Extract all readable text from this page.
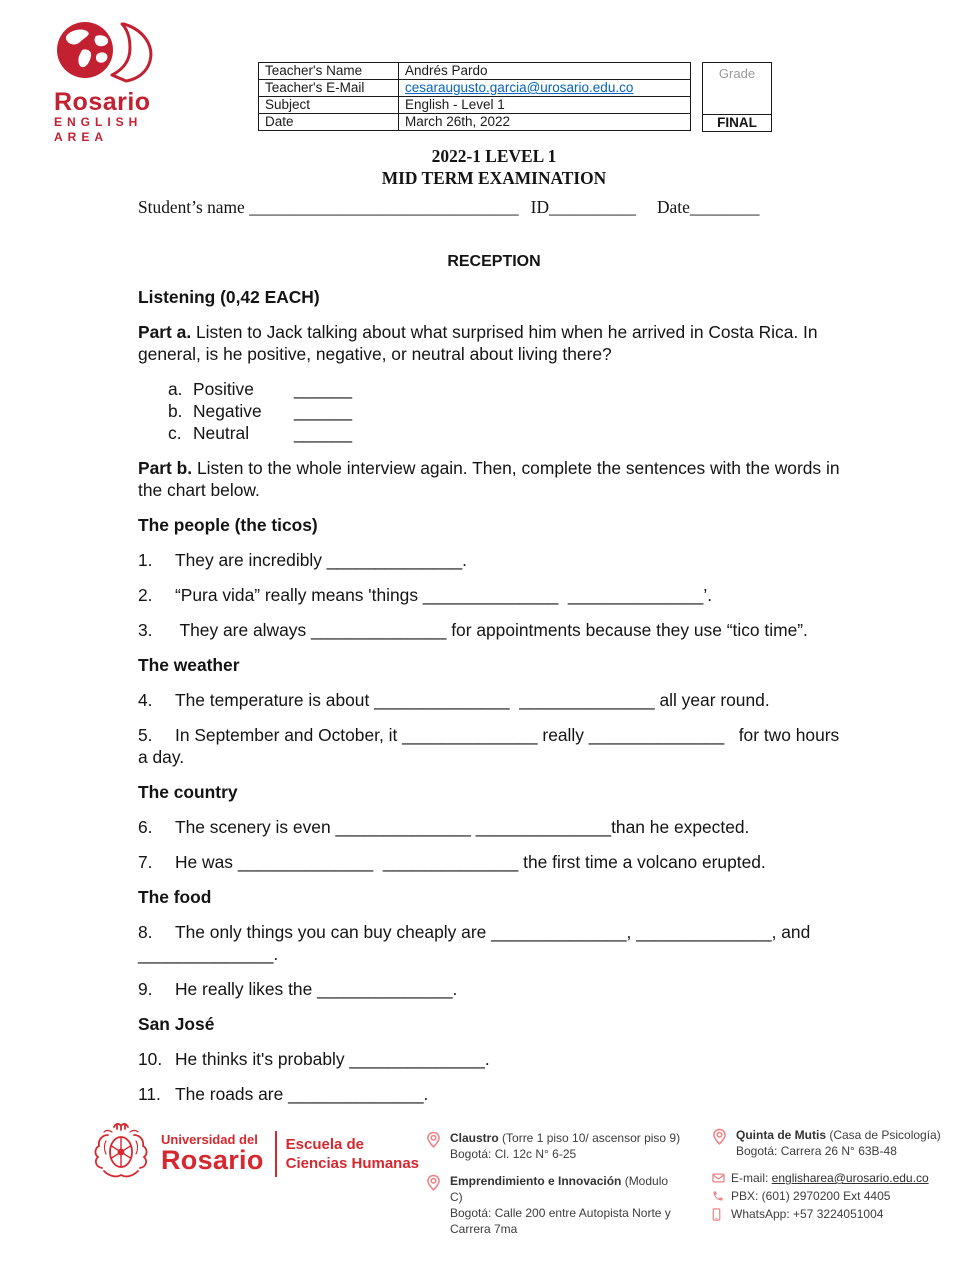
Rosario
ENGLISH
AREA
Teacher's Name	Andrés Pardo
Teacher's E-Mail	cesaraugusto.garcia@urosario.edu.co
Subject	English - Level 1
Date	March 26th, 2022
Grade
FINAL

2022-1 LEVEL 1

MID TERM EXAMINATION

Student’s name _______________________________ ID__________ Date________

RECEPTION

Listening (0,42 EACH)

Part a. Listen to Jack talking about what surprised him when he arrived in Costa Rica. In general, is he positive, negative, or neutral about living there?

a. Positive ______
b. Negative ______
c. Neutral	______

Part b. Listen to the whole interview again. Then, complete the sentences with the words in the chart below.

The people (the ticos)

1. They are incredibly ______________.

2. “Pura vida” really means 'things ______________  ______________’.

3. They are always ______________ for appointments because they use “tico time”.

The weather

4. The temperature is about ______________  ______________ all year round.

5. In September and October, it ______________ really ______________   for two hours a day.

The country

6. The scenery is even ______________ ______________than he expected.

7. He was ______________  ______________ the first time a volcano erupted.

The food

8. The only things you can buy cheaply are ______________, ______________, and ______________.

9. He really likes the ______________.

San José

10. He thinks it's probably ______________.

11. The roads are ______________.

Universidad del
Rosario
Escuela de
Ciencias Humanas
Claustro (Torre 1 piso 10/ ascensor piso 9)
Bogotá: Cl. 12c N° 6-25
Emprendimiento e Innovación (Modulo C)
Bogotá: Calle 200 entre Autopista Norte y
Carrera 7ma
Quinta de Mutis (Casa de Psicología)
Bogotá: Carrera 26 N° 63B-48
E-mail: englisharea@urosario.edu.co
PBX: (601) 2970200 Ext 4405
WhatsApp: +57 3224051004
